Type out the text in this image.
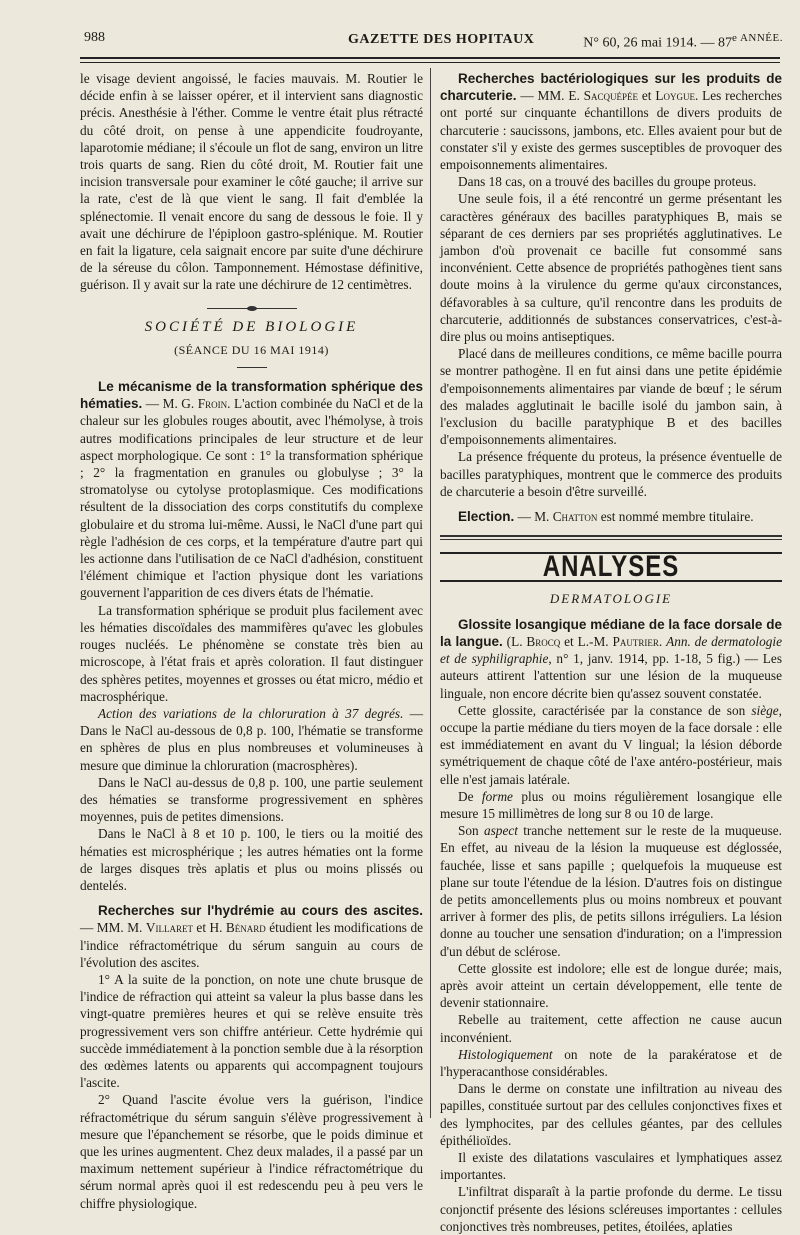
988	GAZETTE DES HOPITAUX	N° 60, 26 mai 1914. — $87^{e ANNÉE.}$

le visage devient angoissé, le facies mauvais. M. Routier le décide enfin à se laisser opérer, et il intervient sans diagnostic précis. Anesthésie à l'éther. Comme le ventre était plus rétracté du côté droit, on pense à une appendicite foudroyante, laparotomie médiane; il s'écoule un flot de sang, environ un litre trois quarts de sang. Rien du côté droit, M. Routier fait une incision transversale pour examiner le côté gauche; il arrive sur la rate, c'est de là que vient le sang. Il fait d'emblée la splénectomie. Il venait encore du sang de dessous le foie. Il y avait une déchirure de l'épiploon gastro-splénique. M. Routier en fait la ligature, cela saignait encore par suite d'une déchirure de la séreuse du côlon. Tamponnement. Hémostase définitive, guérison. Il y avait sur la rate une déchirure de 12 centimètres.

SOCIÉTÉ DE BIOLOGIE
(SÉANCE DU 16 MAI 1914)

Le mécanisme de la transformation sphérique des hématies. — M. G. Froin. L'action combinée du NaCl et de la chaleur sur les globules rouges aboutit, avec l'hémolyse, à trois autres modifications principales de leur structure et de leur aspect morphologique. Ce sont : 1° la transformation sphérique ; 2° la fragmentation en granules ou globulyse ; 3° la stromatolyse ou cytolyse protoplasmique. Ces modifications résultent de la dissociation des corps constitutifs du complexe globulaire et du stroma lui-même. Aussi, le NaCl d'une part qui règle l'adhésion de ces corps, et la température d'autre part qui les actionne dans l'utilisation de ce NaCl d'adhésion, constituent l'élément chimique et l'action physique dont les variations gouvernent l'apparition de ces divers états de l'hématie.

La transformation sphérique se produit plus facilement avec les hématies discoïdales des mammifères qu'avec les globules rouges nucléés. Le phénomène se constate très bien au microscope, à l'état frais et après coloration. Il faut distinguer des sphères petites, moyennes et grosses ou état micro, médio et macrosphérique.

Action des variations de la chloruration à 37 degrés. — Dans le NaCl au-dessous de 0,8 p. 100, l'hématie se transforme en sphères de plus en plus nombreuses et volumineuses à mesure que diminue la chloruration (macrosphères).

Dans le NaCl au-dessus de 0,8 p. 100, une partie seulement des hématies se transforme progressivement en sphères moyennes, puis de petites dimensions.

Dans le NaCl à 8 et 10 p. 100, le tiers ou la moitié des hématies est microsphérique ; les autres hématies ont la forme de larges disques très aplatis et plus ou moins plissés ou dentelés.

Recherches sur l'hydrémie au cours des ascites. — MM. M. Villaret et H. Bénard étudient les modifications de l'indice réfractométrique du sérum sanguin au cours de l'évolution des ascites.

1° A la suite de la ponction, on note une chute brusque de l'indice de réfraction qui atteint sa valeur la plus basse dans les vingt-quatre premières heures et qui se relève ensuite très progressivement vers son chiffre antérieur. Cette hydrémie qui succède immédiatement à la ponction semble due à la résorption des œdèmes latents ou apparents qui accompagnent toujours l'ascite.

2° Quand l'ascite évolue vers la guérison, l'indice réfractométrique du sérum sanguin s'élève progressivement à mesure que l'épanchement se résorbe, que le poids diminue et que les urines augmentent. Chez deux malades, il a passé par un maximum nettement supérieur à l'indice réfractométrique du sérum normal après quoi il est redescendu peu à peu vers le chiffre physiologique.

Recherches bactériologiques sur les produits de charcuterie. — MM. E. Sacquépée et Loygue. Les recherches ont porté sur cinquante échantillons de divers produits de charcuterie : saucissons, jambons, etc. Elles avaient pour but de constater s'il y existe des germes susceptibles de provoquer des empoisonnements alimentaires.

Dans 18 cas, on a trouvé des bacilles du groupe proteus.

Une seule fois, il a été rencontré un germe présentant les caractères généraux des bacilles paratyphiques B, mais se séparant de ces derniers par ses propriétés agglutinatives. Le jambon d'où provenait ce bacille fut consommé sans inconvénient. Cette absence de propriétés pathogènes tient sans doute moins à la virulence du germe qu'aux circonstances, défavorables à sa culture, qu'il rencontre dans les produits de charcuterie, additionnés de substances conservatrices, c'est-à-dire plus ou moins antiseptiques.

Placé dans de meilleures conditions, ce même bacille pourra se montrer pathogène. Il en fut ainsi dans une petite épidémie d'empoisonnements alimentaires par viande de bœuf ; le sérum des malades agglutinait le bacille isolé du jambon sain, à l'exclusion du bacille paratyphique B et des bacilles d'empoisonnements alimentaires.

La présence fréquente du proteus, la présence éventuelle de bacilles paratyphiques, montrent que le commerce des produits de charcuterie a besoin d'être surveillé.

Election. — M. Chatton est nommé membre titulaire.

ANALYSES
DERMATOLOGIE

Glossite losangique médiane de la face dorsale de la langue. (L. Brocq et L.-M. Pautrier. Ann. de dermatologie et de syphiligraphie, n° 1, janv. 1914, pp. 1-18, 5 fig.) — Les auteurs attirent l'attention sur une lésion de la muqueuse linguale, non encore décrite bien qu'assez souvent constatée.

Cette glossite, caractérisée par la constance de son siège, occupe la partie médiane du tiers moyen de la face dorsale : elle est immédiatement en avant du V lingual; la lésion déborde symétriquement de chaque côté de l'axe antéro-postérieur, mais elle n'est jamais latérale.

De forme plus ou moins régulièrement losangique elle mesure 15 millimètres de long sur 8 ou 10 de large.

Son aspect tranche nettement sur le reste de la muqueuse. En effet, au niveau de la lésion la muqueuse est déglossée, fauchée, lisse et sans papille ; quelquefois la muqueuse est plane sur toute l'étendue de la lésion. D'autres fois on distingue de petits amoncellements plus ou moins nombreux et pouvant arriver à former des plis, de petits sillons irréguliers. La lésion donne au toucher une sensation d'induration; on a l'impression d'un début de sclérose.

Cette glossite est indolore; elle est de longue durée; mais, après avoir atteint un certain développement, elle tente de devenir stationnaire.

Rebelle au traitement, cette affection ne cause aucun inconvénient.

Histologiquement on note de la parakératose et de l'hyperacanthose considérables.

Dans le derme on constate une infiltration au niveau des papilles, constituée surtout par des cellules conjonctives fixes et des lymphocites, par des cellules géantes, par des cellules épithélioïdes.

Il existe des dilatations vasculaires et lymphatiques assez importantes.

L'infiltrat disparaît à la partie profonde du derme. Le tissu conjonctif présente des lésions scléreuses importantes : cellules conjonctives très nombreuses, petites, étoilées, aplaties
